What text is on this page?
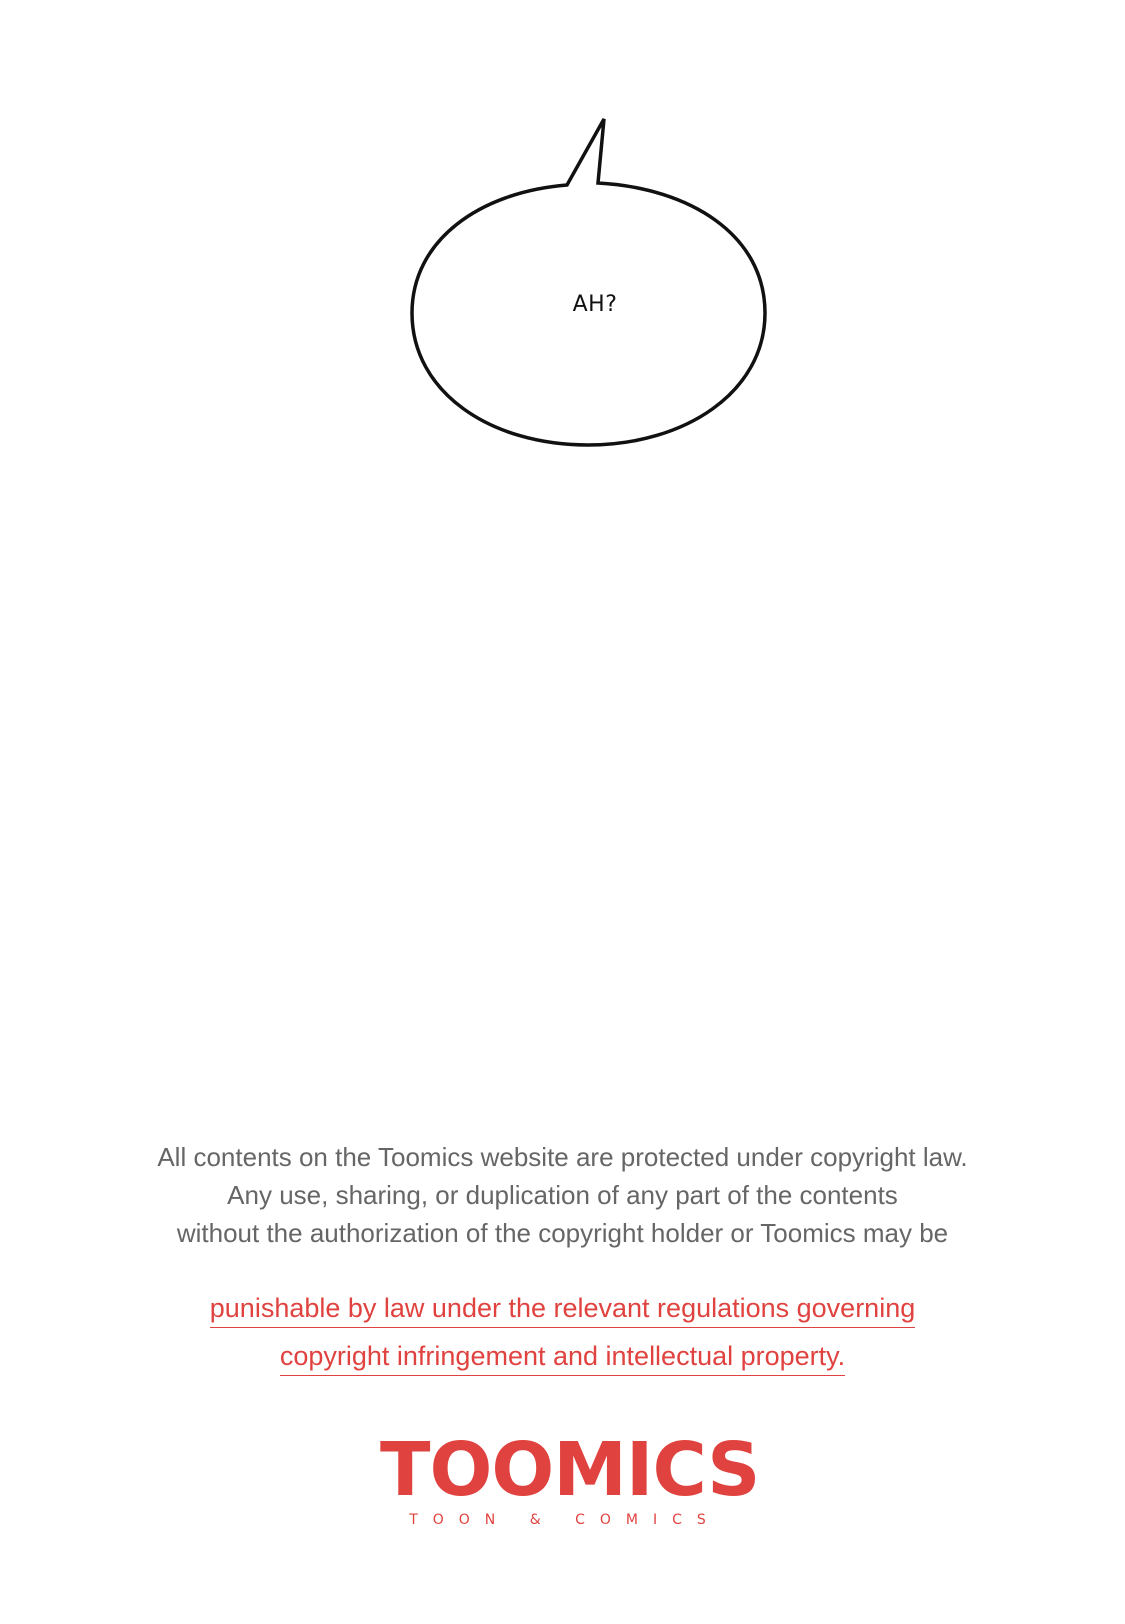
AH?
All contents on the Toomics website are protected under copyright law.
Any use, sharing, or duplication of any part of the contents
without the authorization of the copyright holder or Toomics may be
punishable by law under the relevant regulations governing
copyright infringement and intellectual property.
TOOMICS
TOON & COMICS
